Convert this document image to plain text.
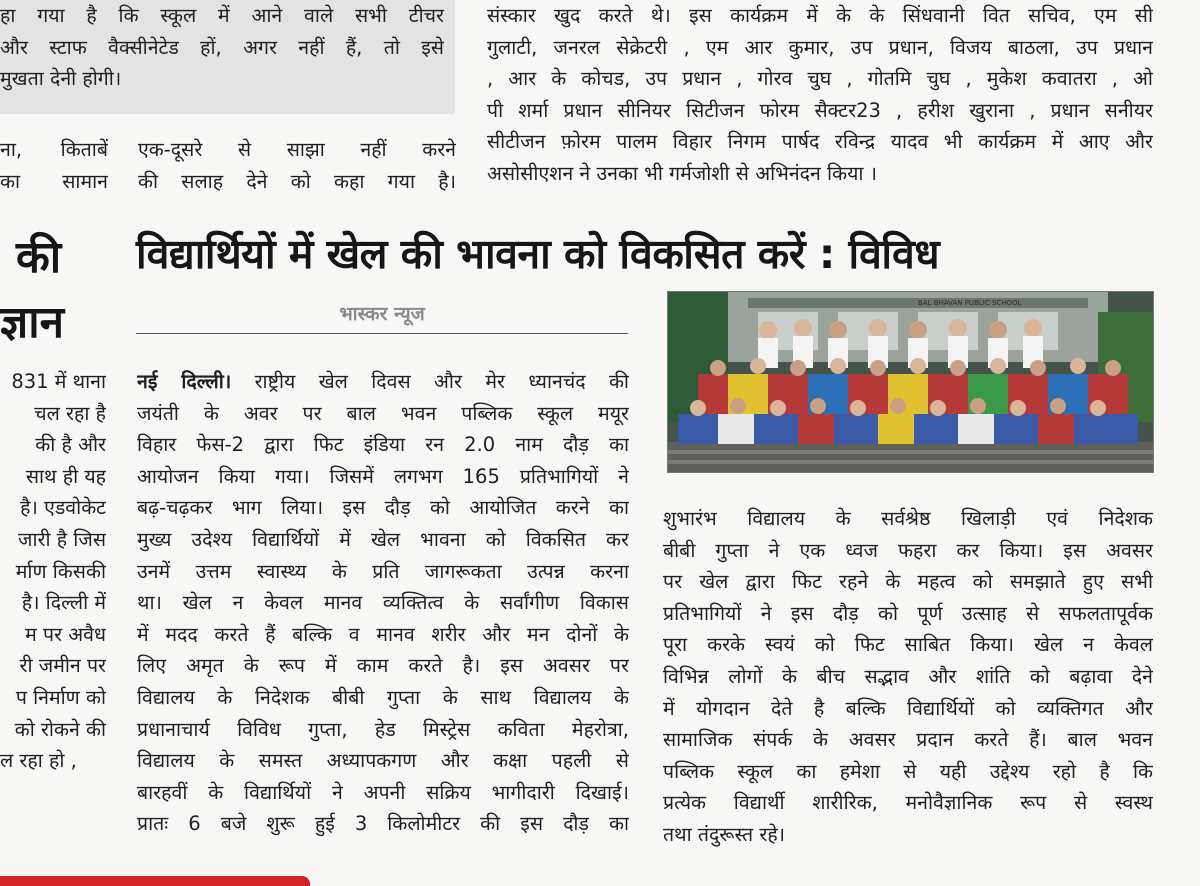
हा गया है कि स्कूल में आने वाले सभी टीचर
और स्टाफ वैक्सीनेटेड हों, अगर नहीं हैं, तो इसे
मुखता देनी होगी।
ना, किताबें
का सामान
एक-दूसरे से साझा नहीं करने
की सलाह देने को कहा गया है।
संस्कार खुद करते थे। इस कार्यक्रम में के के सिंधवानी वित सचिव, एम सी
गुलाटी, जनरल सेक्रेटरी , एम आर कुमार, उप प्रधान, विजय बाठला, उप प्रधान
, आर के कोचड, उप प्रधान , गोरव चुघ , गोतमि चुघ , मुकेश कवातरा , ओ
पी शर्मा प्रधान सीनियर सिटीजन फोरम सैक्टर23 , हरीश खुराना , प्रधान सनीयर
सीटीजन फ़ोरम पालम विहार निगम पार्षद रविन्द्र यादव भी कार्यक्रम में आए और
असोसीएशन ने उनका भी गर्मजोशी से अभिनंदन किया ।
की
ज्ञान
831 में थाना
चल रहा है
की है और
साथ ही यह
है। एडवोकेट
जारी है जिस
र्माण किसकी
है। दिल्ली में
म पर अवैध
री जमीन पर
प निर्माण को
को रोकने की
ल रहा हो ,
विद्यार्थियों में खेल की भावना को विकसित करें : विविध
भास्कर न्यूज
नई दिल्ली। राष्ट्रीय खेल दिवस और मेर ध्यानचंद की
जयंती के अवर पर बाल भवन पब्लिक स्कूल मयूर
विहार फेस-2 द्वारा फिट इंडिया रन 2.0 नाम दौड़ का
आयोजन किया गया। जिसमें लगभग 165 प्रतिभागियों ने
बढ़-चढ़कर भाग लिया। इस दौड़ को आयोजित करने का
मुख्य उदेश्य विद्यार्थियों में खेल भावना को विकसित कर
उनमें उत्तम स्वास्थ्य के प्रति जागरूकता उत्पन्न करना
था। खेल न केवल मानव व्यक्तित्व के सर्वांगीण विकास
में मदद करते हैं बल्कि व मानव शरीर और मन दोनों के
लिए अमृत के रूप में काम करते है। इस अवसर पर
विद्यालय के निदेशक बीबी गुप्ता के साथ विद्यालय के
प्रधानाचार्य विविध गुप्ता, हेड मिस्ट्रेस कविता मेहरोत्रा,
विद्यालय के समस्त अध्यापकगण और कक्षा पहली से
बारहवीं के विद्यार्थियों ने अपनी सक्रिय भागीदारी दिखाई।
प्रातः 6 बजे शुरू हुई 3 किलोमीटर की इस दौड़ का
BAL BHAVAN PUBLIC SCHOOL
शुभारंभ विद्यालय के सर्वश्रेष्ठ खिलाड़ी एवं निदेशक
बीबी गुप्ता ने एक ध्वज फहरा कर किया। इस अवसर
पर खेल द्वारा फिट रहने के महत्व को समझाते हुए सभी
प्रतिभागियों ने इस दौड़ को पूर्ण उत्साह से सफलतापूर्वक
पूरा करके स्वयं को फिट साबित किया। खेल न केवल
विभिन्न लोगों के बीच सद्भाव और शांति को बढ़ावा देने
में योगदान देते है बल्कि विद्यार्थियों को व्यक्तिगत और
सामाजिक संपर्क के अवसर प्रदान करते हैं। बाल भवन
पब्लिक स्कूल का हमेशा से यही उद्देश्य रहो है कि
प्रत्येक विद्यार्थी शारीरिक, मनोवैज्ञानिक रूप से स्वस्थ
तथा तंदुरूस्त रहे।
